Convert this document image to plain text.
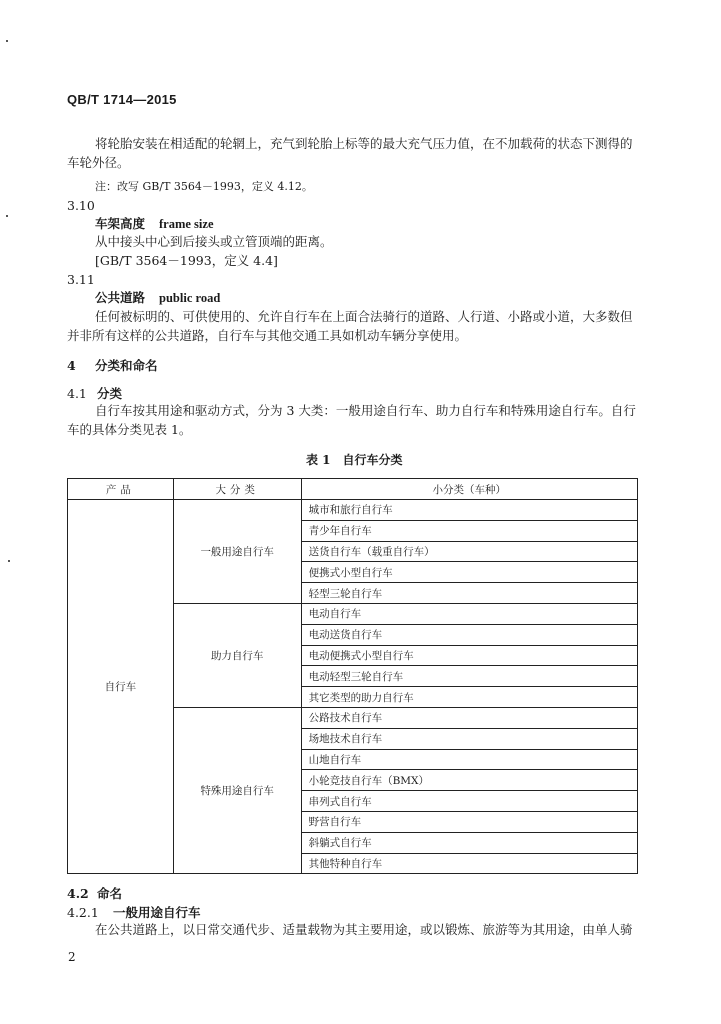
QB/T 1714—2015
将轮胎安装在相适配的轮辋上，充气到轮胎上标等的最大充气压力值，在不加载荷的状态下测得的
车轮外径。
注：改写 GB/T 3564－1993，定义 4.12。
3.10
车架高度 frame size
从中接头中心到后接头或立管顶端的距离。
[GB/T 3564－1993，定义 4.4]
3.11
公共道路 public road
任何被标明的、可供使用的、允许自行车在上面合法骑行的道路、人行道、小路或小道，大多数但
并非所有这样的公共道路，自行车与其他交通工具如机动车辆分享使用。
4 分类和命名
4.1 分类
自行车按其用途和驱动方式，分为 3 大类：一般用途自行车、助力自行车和特殊用途自行车。自行
车的具体分类见表 1。
表 1　自行车分类
产品	大分类	小分类（车种）
自行车	一般用途自行车	城市和旅行自行车
		青少年自行车
		送货自行车（载重自行车）
		便携式小型自行车
		轻型三轮自行车
	助力自行车	电动自行车
		电动送货自行车
		电动便携式小型自行车
		电动轻型三轮自行车
		其它类型的助力自行车
	特殊用途自行车	公路技术自行车
		场地技术自行车
		山地自行车
		小轮竞技自行车（BMX）
		串列式自行车
		野营自行车
		斜躺式自行车
		其他特种自行车
4.2 命名
4.2.1 一般用途自行车
在公共道路上，以日常交通代步、适量载物为其主要用途，或以锻炼、旅游等为其用途，由单人骑
2
